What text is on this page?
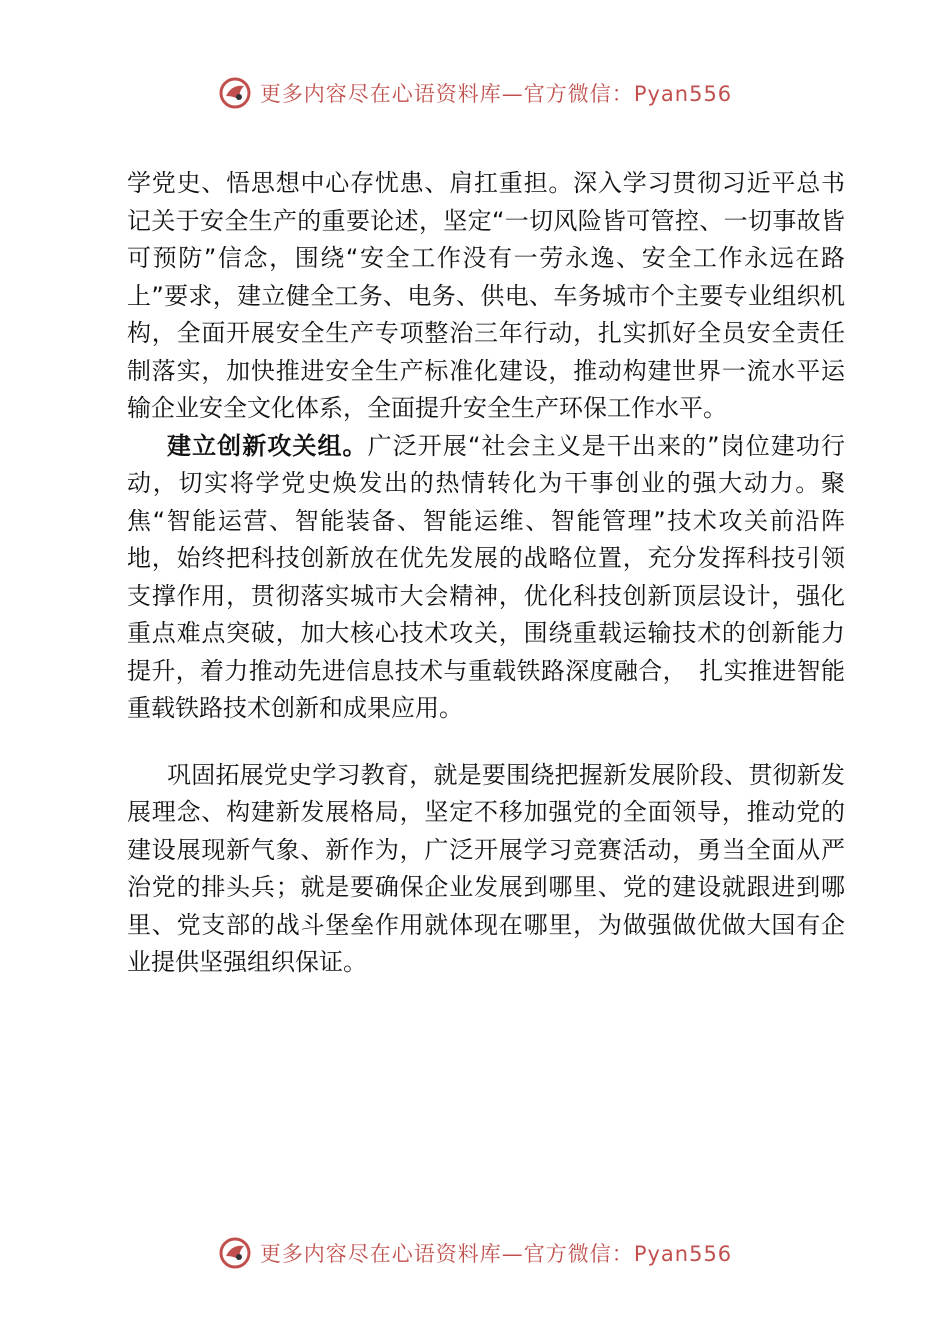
更多内容尽在心语资料库—官方微信：Pyan556

学党史、悟思想中心存忧患、肩扛重担。深入学习贯彻习近平总书记关于安全生产的重要论述，坚定“一切风险皆可管控、一切事故皆可预防”信念，围绕“安全工作没有一劳永逸、安全工作永远在路上”要求，建立健全工务、电务、供电、车务城市个主要专业组织机构，全面开展安全生产专项整治三年行动，扎实抓好全员安全责任制落实，加快推进安全生产标准化建设，推动构建世界一流水平运输企业安全文化体系，全面提升安全生产环保工作水平。

建立创新攻关组。广泛开展“社会主义是干出来的”岗位建功行动，切实将学党史焕发出的热情转化为干事创业的强大动力。聚焦“智能运营、智能装备、智能运维、智能管理”技术攻关前沿阵地，始终把科技创新放在优先发展的战略位置，充分发挥科技引领支撑作用，贯彻落实城市大会精神，优化科技创新顶层设计，强化重点难点突破，加大核心技术攻关，围绕重载运输技术的创新能力提升，着力推动先进信息技术与重载铁路深度融合，　扎实推进智能重载铁路技术创新和成果应用。

巩固拓展党史学习教育，就是要围绕把握新发展阶段、贯彻新发展理念、构建新发展格局，坚定不移加强党的全面领导，推动党的建设展现新气象、新作为，广泛开展学习竞赛活动，勇当全面从严治党的排头兵；就是要确保企业发展到哪里、党的建设就跟进到哪里、党支部的战斗堡垒作用就体现在哪里，为做强做优做大国有企业提供坚强组织保证。

更多内容尽在心语资料库—官方微信：Pyan556
